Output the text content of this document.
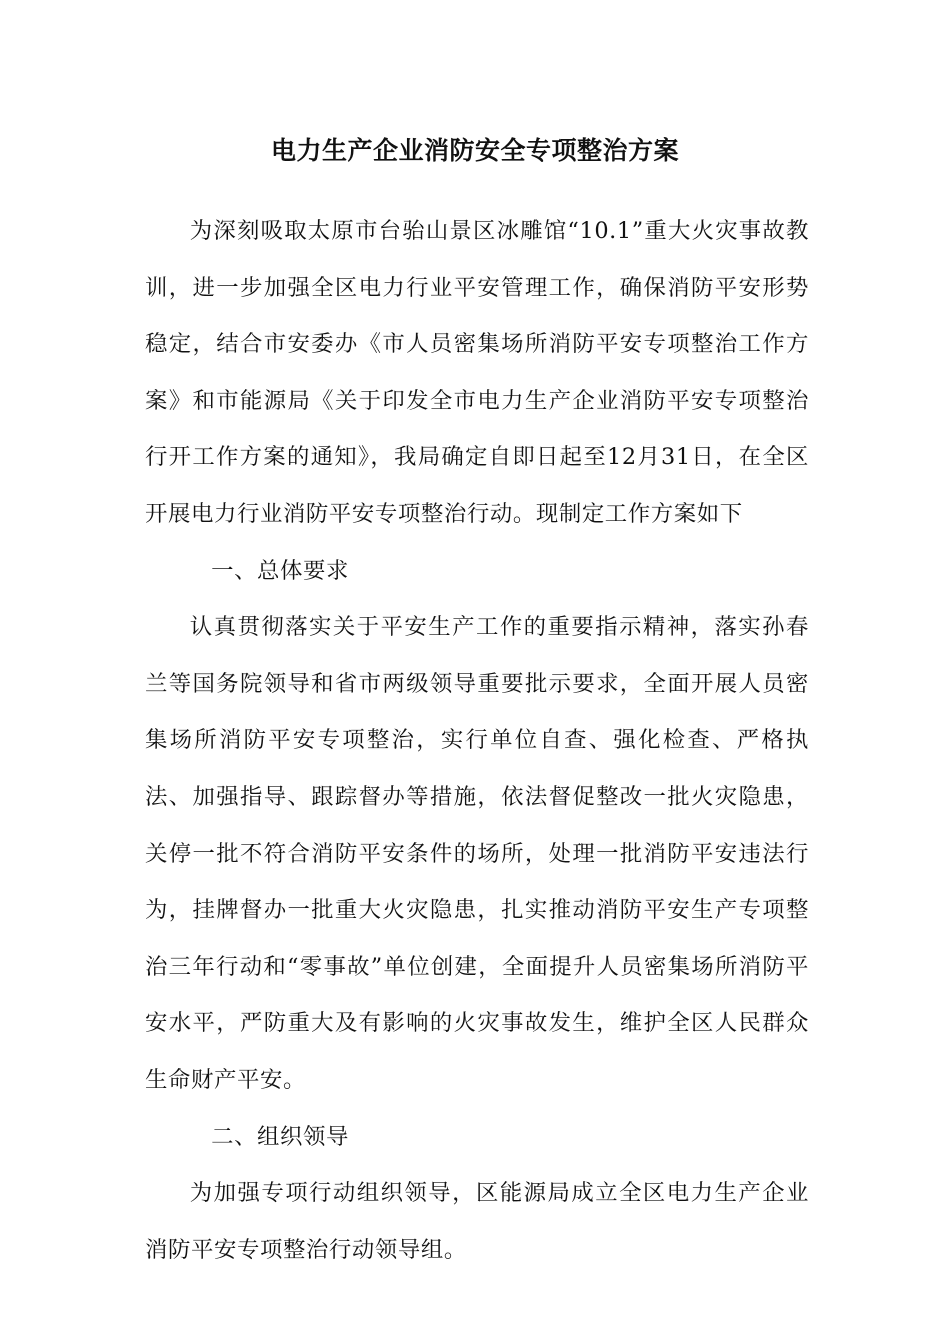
电力生产企业消防安全专项整治方案

为深刻吸取太原市台骀山景区冰雕馆“10.1”重大火灾事故教训，进一步加强全区电力行业平安管理工作，确保消防平安形势稳定，结合市安委办《市人员密集场所消防平安专项整治工作方案》和市能源局《关于印发全市电力生产企业消防平安专项整治行开工作方案的通知》，我局确定自即日起至12月31日，在全区开展电力行业消防平安专项整治行动。现制定工作方案如下

一、总体要求

认真贯彻落实关于平安生产工作的重要指示精神，落实孙春兰等国务院领导和省市两级领导重要批示要求，全面开展人员密集场所消防平安专项整治，实行单位自查、强化检查、严格执法、加强指导、跟踪督办等措施，依法督促整改一批火灾隐患，关停一批不符合消防平安条件的场所，处理一批消防平安违法行为，挂牌督办一批重大火灾隐患，扎实推动消防平安生产专项整治三年行动和“零事故”单位创建，全面提升人员密集场所消防平安水平，严防重大及有影响的火灾事故发生，维护全区人民群众生命财产平安。

二、组织领导

为加强专项行动组织领导，区能源局成立全区电力生产企业消防平安专项整治行动领导组。
